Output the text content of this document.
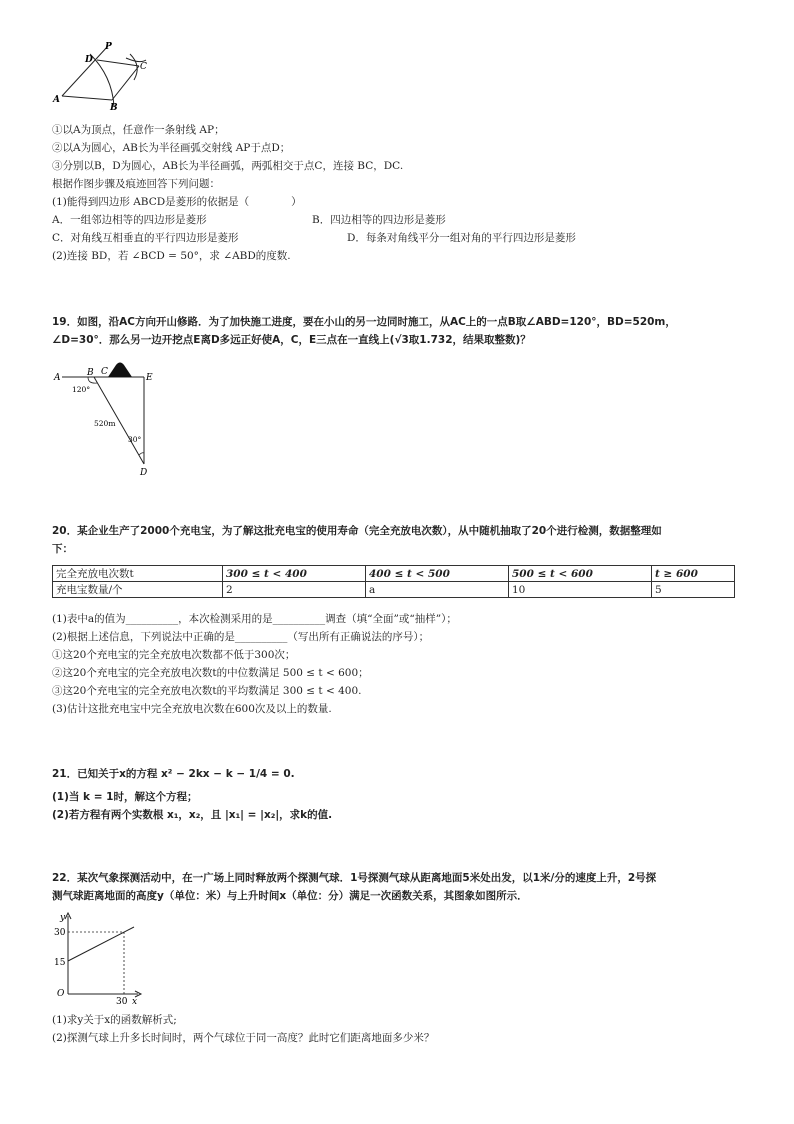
P
D
C
A
B
①以A为顶点，任意作一条射线 AP；
②以A为圆心，AB长为半径画弧交射线 AP于点D；
③分别以B，D为圆心，AB长为半径画弧，两弧相交于点C，连接 BC，DC.
根据作图步骤及痕迹回答下列问题：
(1)能得到四边形 ABCD是菱形的依据是（　　　　）
A．一组邻边相等的四边形是菱形	B．四边相等的四边形是菱形
C．对角线互相垂直的平行四边形是菱形	D．每条对角线平分一组对角的平行四边形是菱形
(2)连接 BD，若 ∠BCD = 50°，求 ∠ABD的度数.
19．如图，沿AC方向开山修路．为了加快施工进度，要在小山的另一边同时施工，从AC上的一点B取∠ABD=120°，BD=520m，
∠D=30°．那么另一边开挖点E离D多远正好使A，C，E三点在一直线上(√3取1.732，结果取整数)？
A	B C
E
D
120°
520m
30°
20．某企业生产了2000个充电宝，为了解这批充电宝的使用寿命（完全充放电次数），从中随机抽取了20个进行检测，数据整理如
下：
完全充放电次数t	300 ≤ t < 400	400 ≤ t < 500	500 ≤ t < 600	t ≥ 600
充电宝数量/个	2	a	10	5
(1)表中a的值为__________，本次检测采用的是__________调查（填“全面”或“抽样”）；
(2)根据上述信息，下列说法中正确的是__________（写出所有正确说法的序号）；
①这20个充电宝的完全充放电次数都不低于300次；
②这20个充电宝的完全充放电次数t的中位数满足 500 ≤ t < 600；
③这20个充电宝的完全充放电次数t的平均数满足 300 ≤ t < 400.
(3)估计这批充电宝中完全充放电次数在600次及以上的数量.
21．已知关于x的方程 x² − 2kx − k − 1/4 = 0.
(1)当 k = 1时，解这个方程；
(2)若方程有两个实数根 x₁，x₂，且 |x₁| = |x₂|，求k的值.
22．某次气象探测活动中，在一广场上同时释放两个探测气球．1号探测气球从距离地面5米处出发，以1米/分的速度上升，2号探
测气球距离地面的高度y（单位：米）与上升时间x（单位：分）满足一次函数关系，其图象如图所示．
y
x
O
30
15
30
(1)求y关于x的函数解析式;
(2)探测气球上升多长时间时，两个气球位于同一高度？此时它们距离地面多少米？
